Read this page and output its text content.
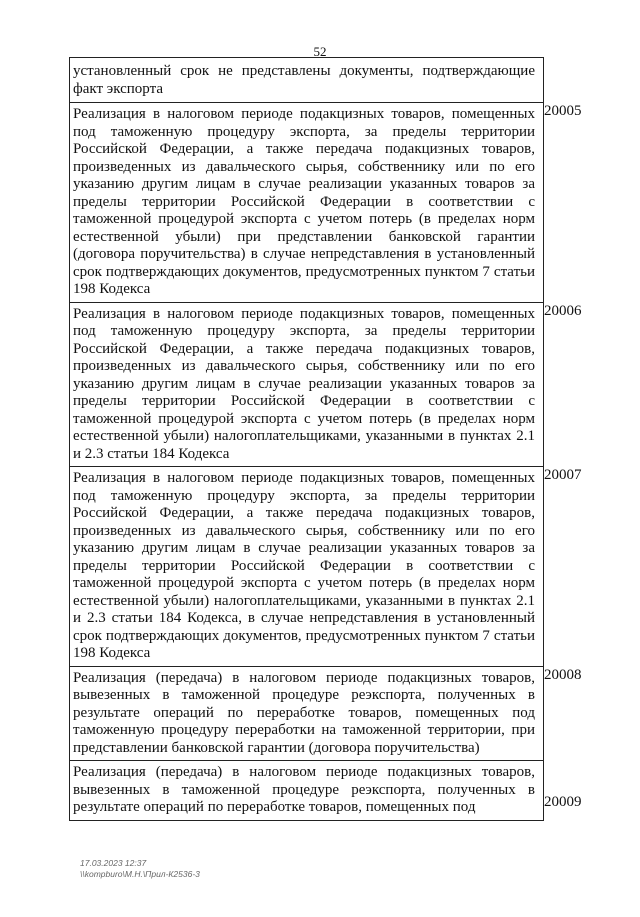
52
установленный срок не представлены документы, подтверждающие факт экспорта	
Реализация в налоговом периоде подакцизных товаров, помещенных под таможенную процедуру экспорта, за пределы территории Российской Федерации, а также передача подакцизных товаров, произведенных из давальческого сырья, собственнику или по его указанию другим лицам в случае реализации указанных товаров за пределы территории Российской Федерации в соответствии с таможенной процедурой экспорта с учетом потерь (в пределах норм естественной убыли) при представлении банковской гарантии (договора поручительства) в случае непредставления в установленный срок подтверждающих документов, предусмотренных пунктом 7 статьи 198 Кодекса	20005
Реализация в налоговом периоде подакцизных товаров, помещенных под таможенную процедуру экспорта, за пределы территории Российской Федерации, а также передача подакцизных товаров, произведенных из давальческого сырья, собственнику или по его указанию другим лицам в случае реализации указанных товаров за пределы территории Российской Федерации в соответствии с таможенной процедурой экспорта с учетом потерь (в пределах норм естественной убыли) налогоплательщиками, указанными в пунктах 2.1 и 2.3 статьи 184 Кодекса	20006
Реализация в налоговом периоде подакцизных товаров, помещенных под таможенную процедуру экспорта, за пределы территории Российской Федерации, а также передача подакцизных товаров, произведенных из давальческого сырья, собственнику или по его указанию другим лицам в случае реализации указанных товаров за пределы территории Российской Федерации в соответствии с таможенной процедурой экспорта с учетом потерь (в пределах норм естественной убыли) налогоплательщиками, указанными в пунктах 2.1 и 2.3 статьи 184 Кодекса, в случае непредставления в установленный срок подтверждающих документов, предусмотренных пунктом 7 статьи 198 Кодекса	20007
Реализация (передача) в налоговом периоде подакцизных товаров, вывезенных в таможенной процедуре реэкспорта, полученных в результате операций по переработке товаров, помещенных под таможенную процедуру переработки на таможенной территории, при представлении банковской гарантии (договора поручительства)	20008
Реализация (передача) в налоговом периоде подакцизных товаров, вывезенных в таможенной процедуре реэкспорта, полученных в результате операций по переработке товаров, помещенных под	20009
17.03.2023 12:37
\\kompburo\М.Н.\Прил-К2536-3
